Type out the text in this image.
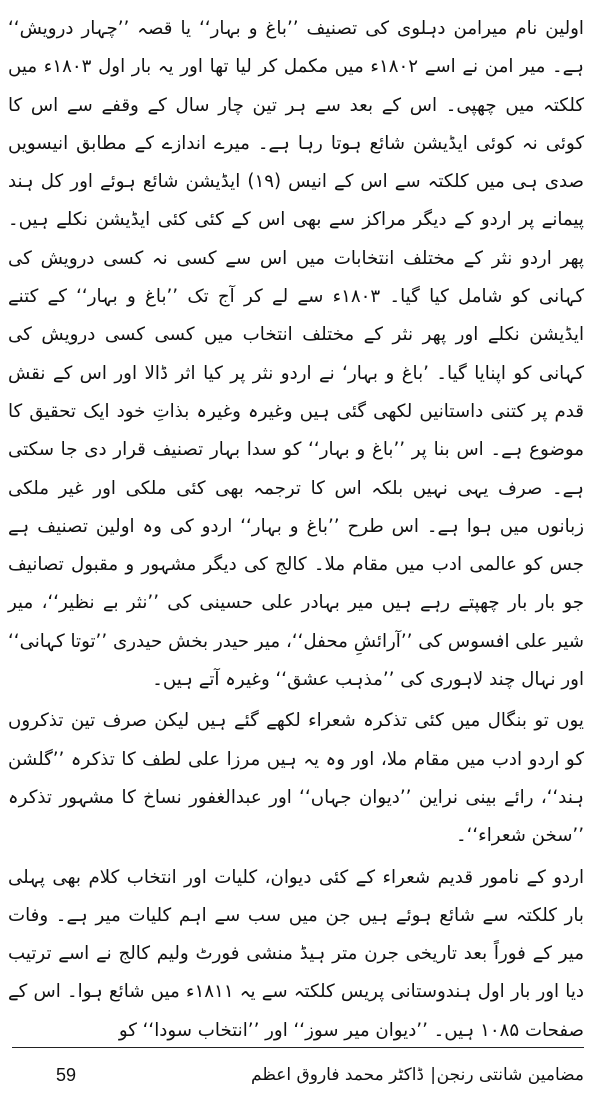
اولین نام میرامن دہلوی کی تصنیف ’’باغ و بہار‘‘ یا قصہ ’’چہار درویش‘‘ ہے۔ میر امن نے اسے ۱۸۰۲ء میں مکمل کر لیا تھا اور یہ بار اول ۱۸۰۳ء میں کلکتہ میں چھپی۔ اس کے بعد سے ہر تین چار سال کے وقفے سے اس کا کوئی نہ کوئی ایڈیشن شائع ہوتا رہا ہے۔ میرے اندازے کے مطابق انیسویں صدی ہی میں کلکتہ سے اس کے انیس (۱۹) ایڈیشن شائع ہوئے اور کل ہند پیمانے پر اردو کے دیگر مراکز سے بھی اس کے کئی کئی ایڈیشن نکلے ہیں۔ پھر اردو نثر کے مختلف انتخابات میں اس سے کسی نہ کسی درویش کی کہانی کو شامل کیا گیا۔ ۱۸۰۳ء سے لے کر آج تک ’’باغ و بہار‘‘ کے کتنے ایڈیشن نکلے اور پھر نثر کے مختلف انتخاب میں کسی کسی درویش کی کہانی کو اپنایا گیا۔ ’باغ و بہار‘ نے اردو نثر پر کیا اثر ڈالا اور اس کے نقش قدم پر کتنی داستانیں لکھی گئی ہیں وغیرہ وغیرہ بذاتِ خود ایک تحقیق کا موضوع ہے۔ اس بنا پر ’’باغ و بہار‘‘ کو سدا بہار تصنیف قرار دی جا سکتی ہے۔ صرف یہی نہیں بلکہ اس کا ترجمہ بھی کئی ملکی اور غیر ملکی زبانوں میں ہوا ہے۔ اس طرح ’’باغ و بہار‘‘ اردو کی وہ اولین تصنیف ہے جس کو عالمی ادب میں مقام ملا۔ کالج کی دیگر مشہور و مقبول تصانیف جو بار بار چھپتے رہے ہیں میر بہادر علی حسینی کی ’’نثر بے نظیر‘‘، میر شیر علی افسوس کی ’’آرائشِ محفل‘‘، میر حیدر بخش حیدری ’’توتا کہانی‘‘ اور نہال چند لاہوری کی ’’مذہب عشق‘‘ وغیرہ آتے ہیں۔

یوں تو بنگال میں کئی تذکرہ شعراء لکھے گئے ہیں لیکن صرف تین تذکروں کو اردو ادب میں مقام ملا، اور وہ یہ ہیں مرزا علی لطف کا تذکرہ ’’گلشن ہند‘‘، رائے بینی نراین ’’دیوان جہاں‘‘ اور عبدالغفور نساخ کا مشہور تذکرہ ’’سخن شعراء‘‘۔

اردو کے نامور قدیم شعراء کے کئی دیوان، کلیات اور انتخاب کلام بھی پہلی بار کلکتہ سے شائع ہوئے ہیں جن میں سب سے اہم کلیات میر ہے۔ وفات میر کے فوراً بعد تاریخی جرن متر ہیڈ منشی فورٹ ولیم کالج نے اسے ترتیب دیا اور بار اول ہندوستانی پریس کلکتہ سے یہ ۱۸۱۱ء میں شائع ہوا۔ اس کے صفحات ۱۰۸۵ ہیں۔ ’’دیوان میر سوز‘‘ اور ’’انتخاب سودا‘‘ کو

مضامین شانتی رنجن
|
ڈاکٹر محمد فاروق اعظم
59
